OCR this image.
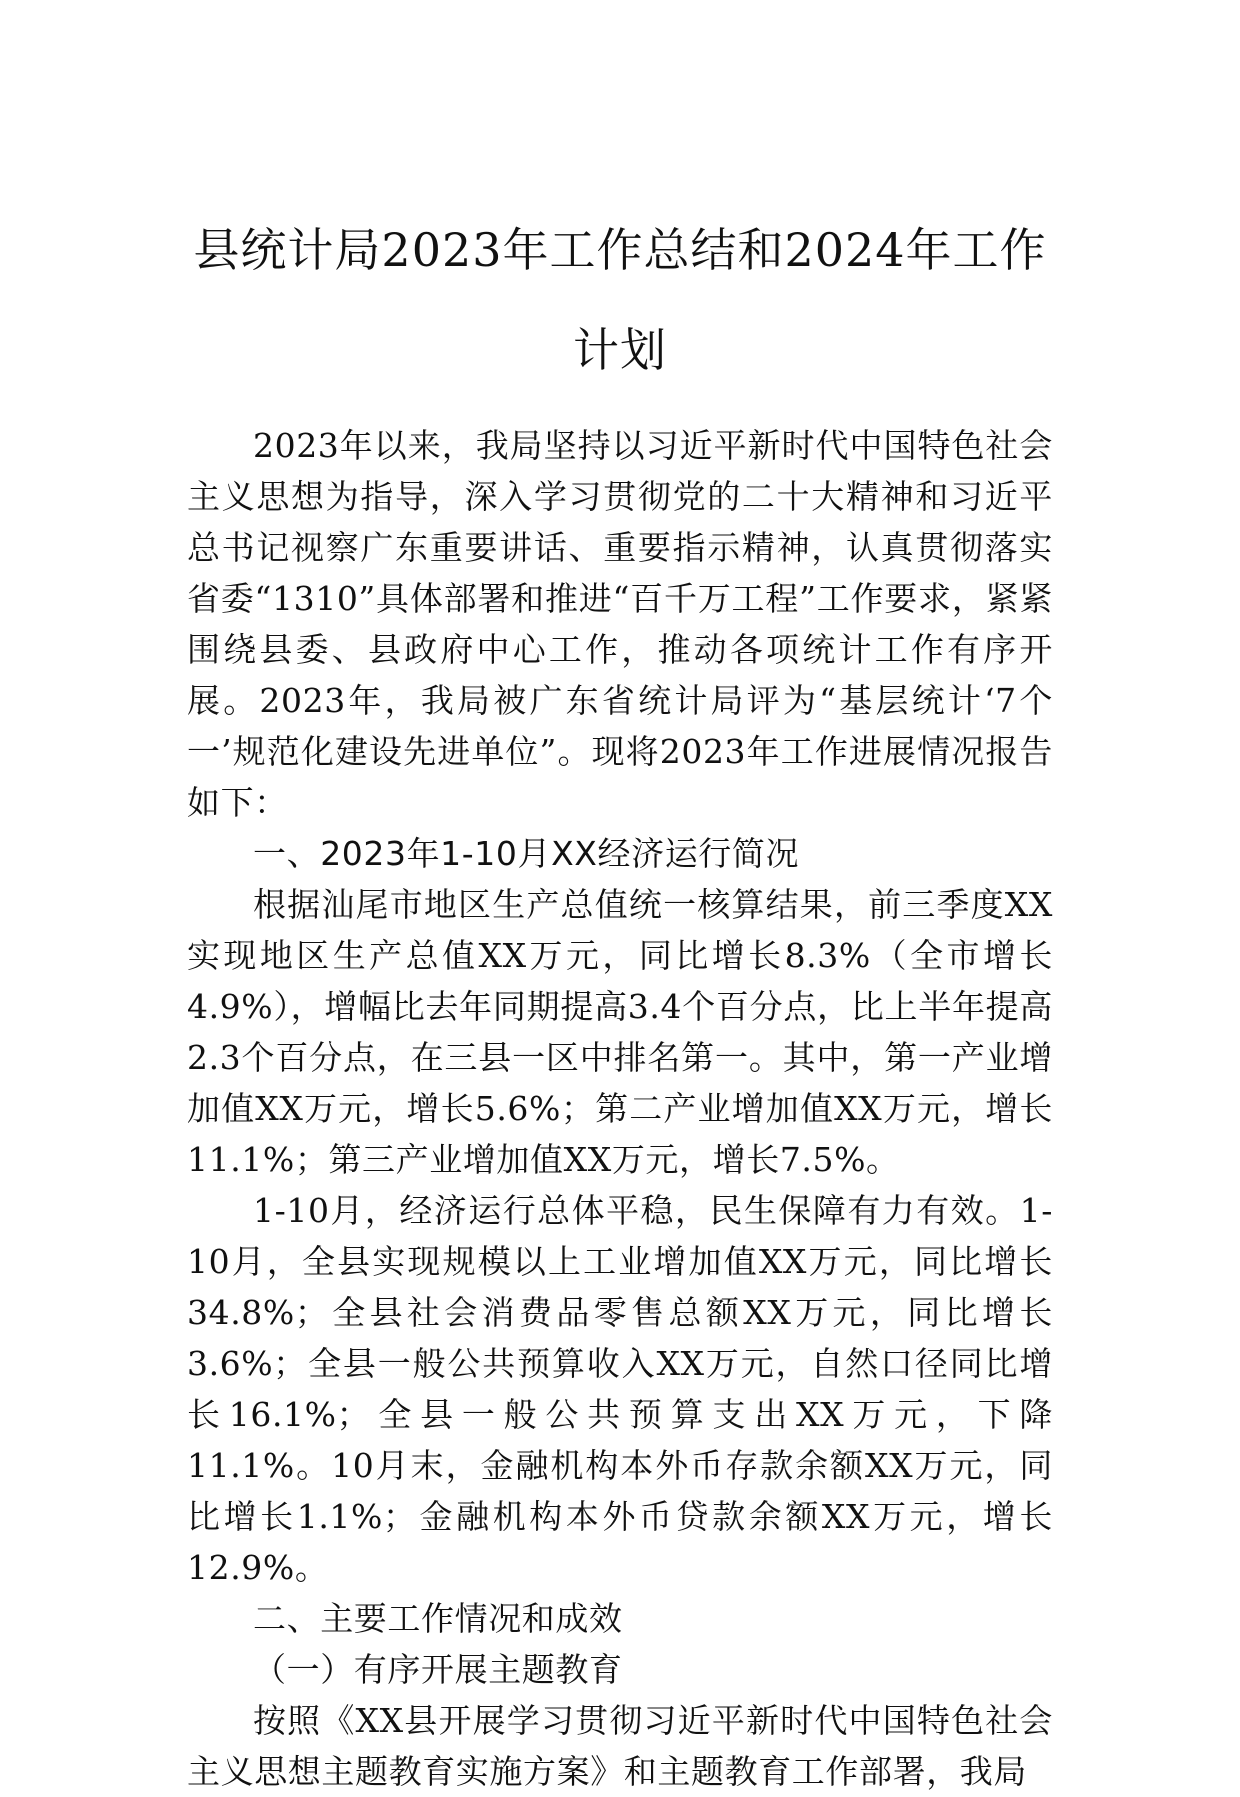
县统计局2023年工作总结和2024年工作计划

2023年以来，我局坚持以习近平新时代中国特色社会主义思想为指导，深入学习贯彻党的二十大精神和习近平总书记视察广东重要讲话、重要指示精神，认真贯彻落实省委“1310”具体部署和推进“百千万工程”工作要求，紧紧围绕县委、县政府中心工作，推动各项统计工作有序开展。2023年，我局被广东省统计局评为“基层统计‘7个一’规范化建设先进单位”。现将2023年工作进展情况报告如下：

一、2023年1-10月XX经济运行简况

根据汕尾市地区生产总值统一核算结果，前三季度XX实现地区生产总值XX万元，同比增长8.3%（全市增长4.9%），增幅比去年同期提高3.4个百分点，比上半年提高2.3个百分点，在三县一区中排名第一。其中，第一产业增加值XX万元，增长5.6%；第二产业增加值XX万元，增长11.1%；第三产业增加值XX万元，增长7.5%。

1-10月，经济运行总体平稳，民生保障有力有效。1-10月，全县实现规模以上工业增加值XX万元，同比增长34.8%；全县社会消费品零售总额XX万元，同比增长3.6%；全县一般公共预算收入XX万元，自然口径同比增长16.1%；全县一般公共预算支出XX万元，下降11.1%。10月末，金融机构本外币存款余额XX万元，同比增长1.1%；金融机构本外币贷款余额XX万元，增长12.9%。

二、主要工作情况和成效

（一）有序开展主题教育

按照《XX县开展学习贯彻习近平新时代中国特色社会主义思想主题教育实施方案》和主题教育工作部署，我局
